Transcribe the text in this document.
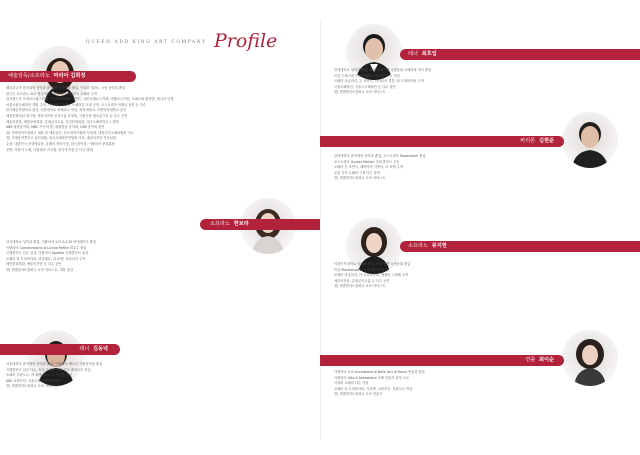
QUEEN ADD KING ART COMPANY Profile
예술감독/소프라노 마리아 김희정

캘리포니아 음악대학 성악과 졸업 및 동대학원 졸업, 이태리 밀라노 시립 음악원 졸업

한국인 소프라노 최초 영국여왕가의 후원국제콩쿠르 오페라 주역

일코앤드리 모차르트페스티벌, 인터페리아페르아만트, 에티소첼로스카페, 에렐오니프란, 로메오와 줄리엣, 세니아 인재

서울시립오페라단 객원 주역, 이탈리아 밀라노 오페라단 초청 공연, 오스트리아 비엔나 공연 등 다수

한국예술종합학교 출강, 서울대학교 외래교수 역임, 경희대학교, 숙명여자대학교 출강

세종문화회관 대극장, 예술의전당 콘서트홀 독창회, 국립극장 해오름극장 등 다수 공연

예술의전당, 세종문화회관, 롯데콘서트홀, 부산문화회관, 대구오페라하우스 협연

KBS 열린음악회, MBC 가곡의 밤, 평화방송 음악회, CBS 음악회 출연

현) 퀸앤킹아트컴퍼니 대표 및 예술감독, 한국성악가협회 부회장, 대한민국오페라협회 이사

현) 국제음악콩쿠르 심사위원, 한국오페라단연합회 이사, 예술의전당 자문위원

수상: 대한민국 문화예술상, 올해의 성악가상, 한국음악상, 이탈리아 문화훈장

음반: 사랑의 노래, 이탈리아 가곡집, 한국가곡집 등 다수 발매

소프라노 한보라

단국대학교 성악과 졸업, 이탈리아 로마 A.C.M 아카데미아 졸업

이탈리아 Conservatorio di Licinio Refice 최우수 졸업

국제콩쿠르 다수 입상, 이탈리아 Spoleto 국제콩쿠르 입상

오페라 라 트라비아타, 리골레토, 라 보엠, 마술피리 주역

세종문화회관, 예술의전당 등 다수 공연

현) 퀸앤킹아트컴퍼니 소속 아티스트, 대학 출강

테너 김동녁

서울대학교 음악대학 성악과 졸업, 이탈리아 베르디 국립음악원 졸업

국제콩쿠르 입상 다수, 독일 오페라 극장 전속 솔리스트 역임

오페라 투란도트, 라 보엠, 토스카, 카르멘 주역

KBS 교향악단, 서울시립교향악단 협연

현) 퀸앤킹아트컴퍼니 소속 아티스트

테너 최호업

연세대학교 성악과 졸업, 독일 드레스덴 국립음대 오페라과 석사 졸업

독일 드레스덴 국립 오페라 극장 솔리스트 역임

오페라 마술피리, 돈 조반니, 피가로의 결혼, 라 트라비아타 주역

국립오페라단, 서울시오페라단 등 다수 출연

현) 퀸앤킹아트컴퍼니 소속 아티스트

바리톤 김현준

한양대학교 음악대학 성악과 졸업, 오스트리아 Mozarteum 졸업

오스트리아 Gustav Mahler 국제 콩쿠르 우승

오페라 돈 조반니, 세비야의 이발사, 라 보엠 주역

유럽 각지 오페라 극장 다수 출연

현) 퀸앤킹아트컴퍼니 소속 아티스트

소프라노 류지현

이화여자대학교 성악과 졸업, 독일 뮌헨 국립음대 졸업

독일 Mendelssohn 국제 콩쿠르 입상

오페라 마술피리, 라 트라비아타, 헨젤과 그레텔 주역

예술의전당, 롯데콘서트홀 등 다수 공연

현) 퀸앤킹아트컴퍼니 소속 아티스트

연출 최이순

이탈리아 로마 Accademia di Belle Arti di Roma 연출과 졸업

이탈리아 Villa S.Sebastiano 국제 연출가 과정 수료

국내외 오페라 다수 연출

오페라 라 트라비아타, 카르멘, 나비부인, 투란도트 연출

현) 퀸앤킹아트컴퍼니 소속 연출가
